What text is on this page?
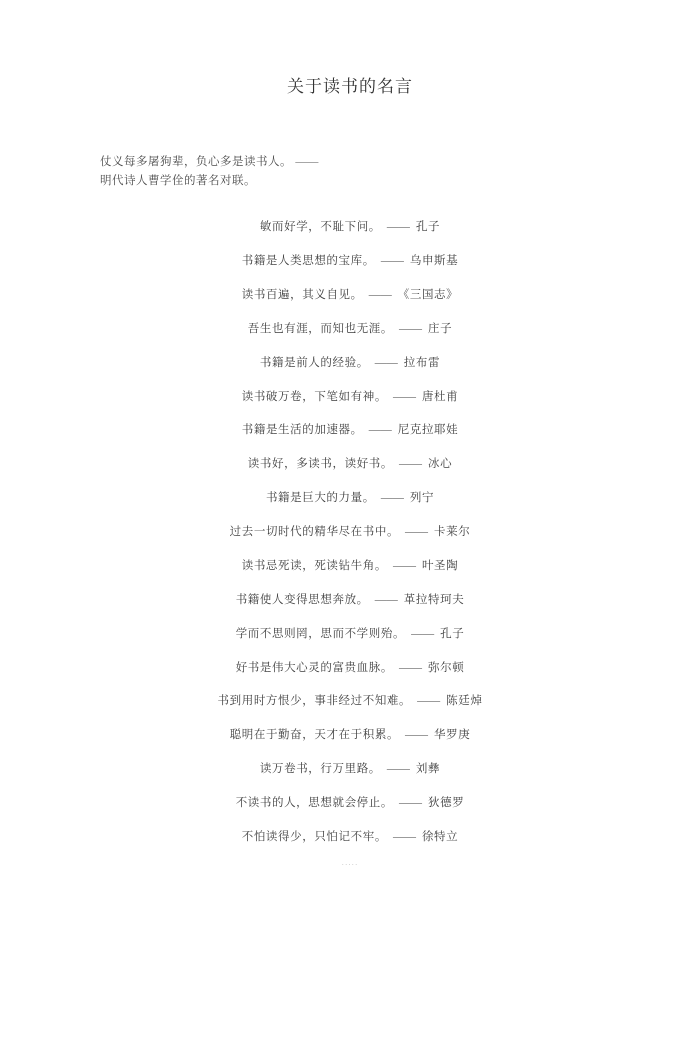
关于读书的名言
仗义每多屠狗辈，负心多是读书人。 ——
明代诗人曹学佺的著名对联。
敏而好学，不耻下问。 —— 孔子
书籍是人类思想的宝库。 —— 乌申斯基
读书百遍，其义自见。 —— 《三国志》
吾生也有涯，而知也无涯。 —— 庄子
书籍是前人的经验。 —— 拉布雷
读书破万卷，下笔如有神。 —— 唐杜甫
书籍是生活的加速器。 —— 尼克拉耶娃
读书好，多读书，读好书。 —— 冰心
书籍是巨大的力量。 —— 列宁
过去一切时代的精华尽在书中。 —— 卡莱尔
读书忌死读，死读钻牛角。 —— 叶圣陶
书籍使人变得思想奔放。 —— 革拉特珂夫
学而不思则罔，思而不学则殆。 —— 孔子
好书是伟大心灵的富贵血脉。 —— 弥尔顿
书到用时方恨少，事非经过不知难。 —— 陈廷焯
聪明在于勤奋，天才在于积累。 —— 华罗庚
读万卷书，行万里路。 —— 刘彝
不读书的人，思想就会停止。 —— 狄德罗
不怕读得少，只怕记不牢。 —— 徐特立
·····
